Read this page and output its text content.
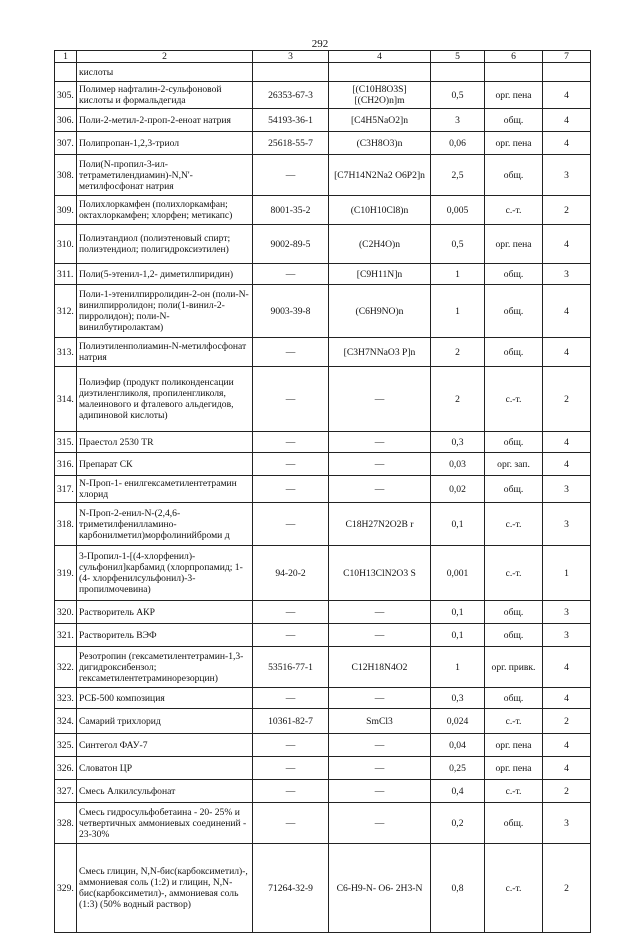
292
1	2	3	4	5	6	7
	кислоты					
305.	Полимер нафталин-2-сульфоновой кислоты и формальдегида	26353-67-3	[(C10H8O3S][(CH2O)n]m	0,5	орг. пена	4
306.	Поли-2-метил-2-проп-2-еноат натрия	54193-36-1	[C4H5NaO2]n	3	общ.	4
307.	Полипропан-1,2,3-триол	25618-55-7	(C3H8O3)n	0,06	орг. пена	4
308.	Поли(N-пропил-3-ил-тетраметилендиамин)-N,N'-метилфосфонат натрия	—	[C7H14N2Na2 O6P2]n	2,5	общ.	3
309.	Полихлоркамфен (полихлоркамфан; октахлоркамфен; хлорфен; метикапс)	8001-35-2	(C10H10Cl8)n	0,005	с.-т.	2
310.	Полиэтандиол (полиэтеновый спирт; полиэтендиол; полигидроксиэтилен)	9002-89-5	(C2H4O)n	0,5	орг. пена	4
311.	Поли(5-этенил-1,2- диметилпиридин)	—	[C9H11N]n	1	общ.	3
312.	Поли-1-этенилпирролидин-2-он (поли-N-винилпирролидон; поли(1-винил-2-пирролидон); поли-N-винилбутиролактам)	9003-39-8	(C6H9NO)n	1	общ.	4
313.	Полиэтиленполиамин-N-метилфосфонат натрия	—	[C3H7NNaO3 P]n	2	общ.	4
314.	Полиэфир (продукт поликонденсации диэтиленгликоля, пропиленгликоля, малеинового и фталевого альдегидов, адипиновой кислоты)	—	—	2	с.-т.	2
315.	Праестол 2530 TR	—	—	0,3	общ.	4
316.	Препарат СК	—	—	0,03	орг. зап.	4
317.	N-Проп-1- енилгексаметилентетрамин хлорид	—	—	0,02	общ.	3
318.	N-Проп-2-енил-N-(2,4,6-триметилфенилламино-карбонилметил)морфолинийброми д	—	C18H27N2O2B r	0,1	с.-т.	3
319.	3-Пропил-1-[(4-хлорфенил)-сульфонил]карбамид (хлорпропамид; 1-(4- хлорфенилсульфонил)-3-пропилмочевина)	94-20-2	C10H13ClN2O3 S	0,001	с.-т.	1
320.	Растворитель АКР	—	—	0,1	общ.	3
321.	Растворитель ВЭФ	—	—	0,1	общ.	3
322.	Резотропин (гексаметилентетрамин-1,3- дигидроксибензол; гексаметилентетраминорезорцин)	53516-77-1	C12H18N4O2	1	орг. привк.	4
323.	РСБ-500 композиция	—	—	0,3	общ.	4
324.	Самарий трихлорид	10361-82-7	SmCl3	0,024	с.-т.	2
325.	Синтегол ФАУ-7	—	—	0,04	орг. пена	4
326.	Словатон ЦР	—	—	0,25	орг. пена	4
327.	Смесь Алкилсульфонат	—	—	0,4	с.-т.	2
328.	Смесь гидросульфобетаина - 20- 25% и четвертичных аммониевых соединений - 23-30%	—	—	0,2	общ.	3
329.	Смесь глицин, N,N-бис(карбоксиметил)-, аммониевая соль (1:2) и глицин, N,N-бис(карбоксиметил)-, аммониевая соль (1:3) (50% водный раствор)	71264-32-9	C6-H9-N- O6- 2H3-N	0,8	с.-т.	2
